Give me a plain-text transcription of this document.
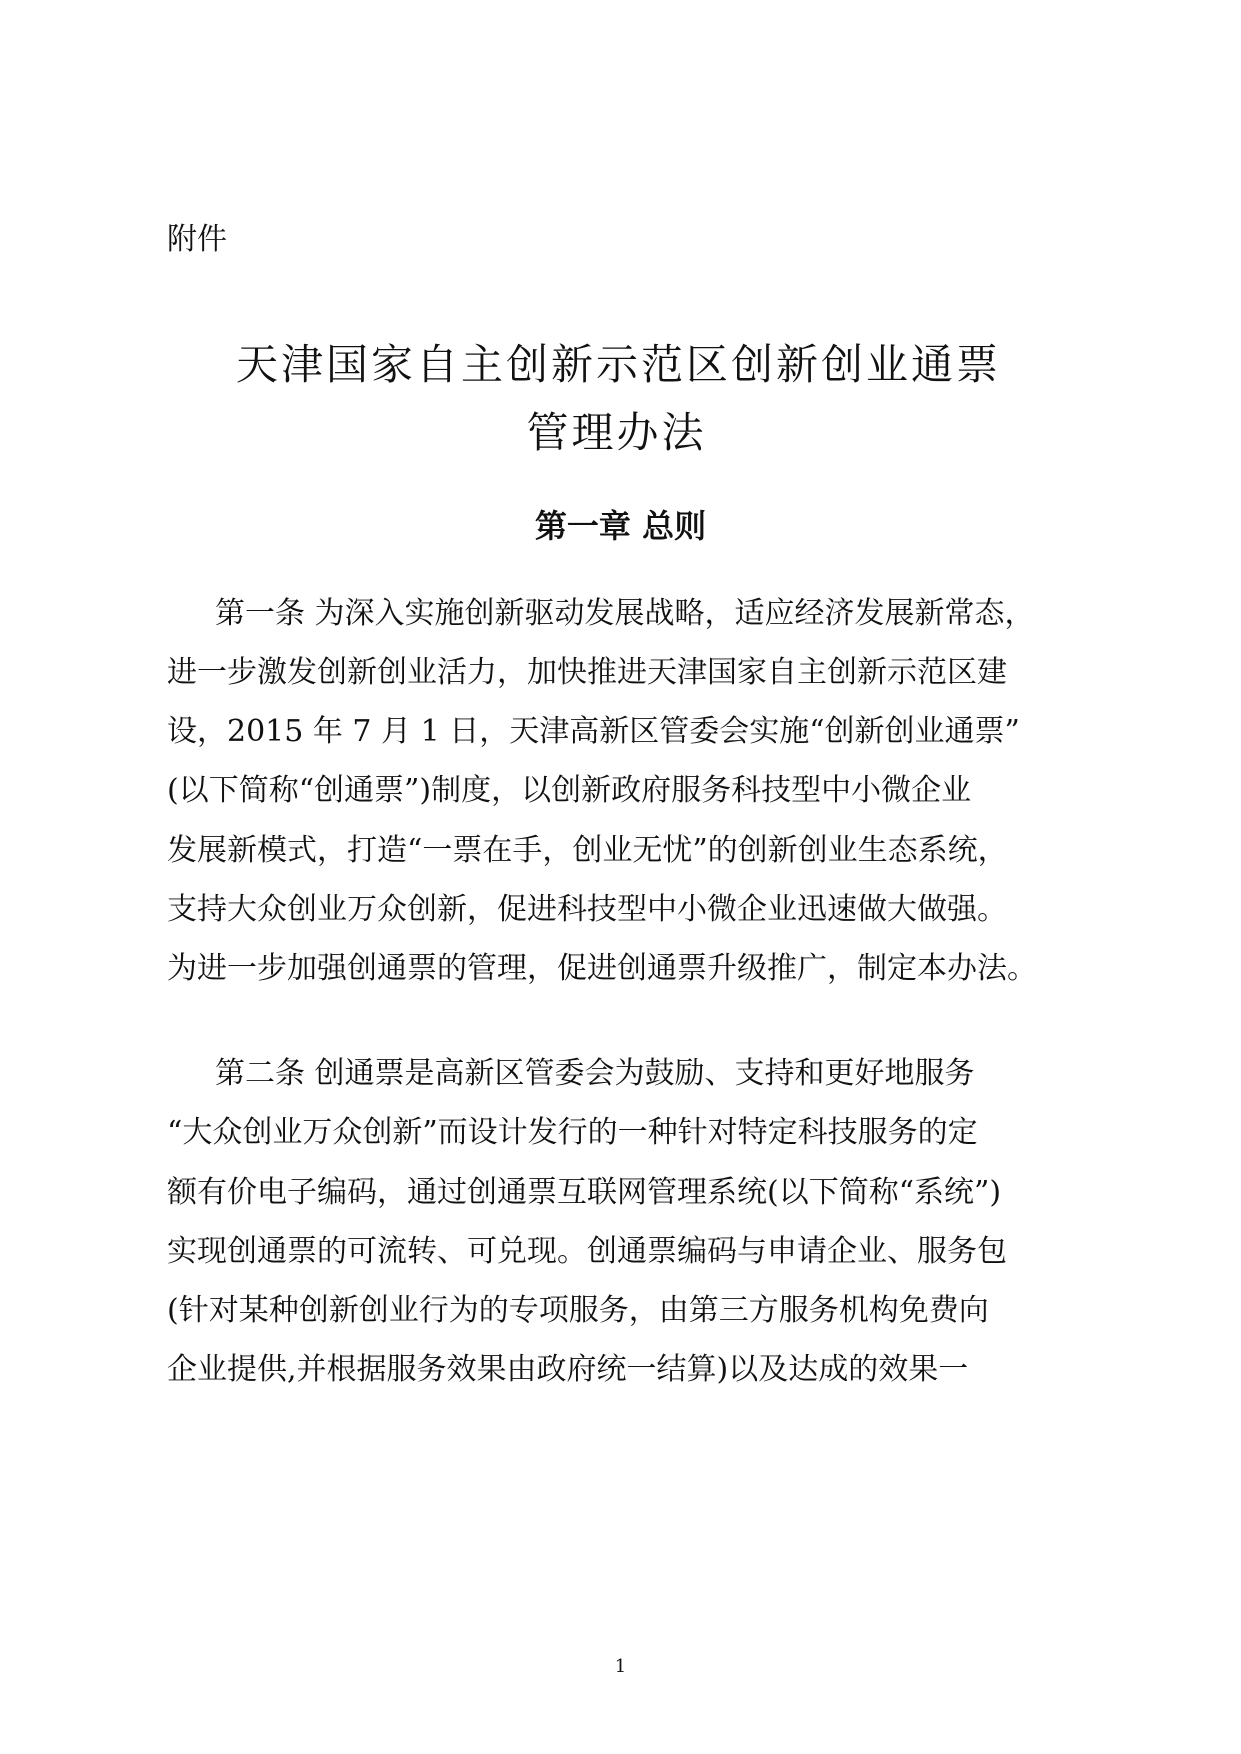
附件

天津国家自主创新示范区创新创业通票
管理办法
第一章 总则

第一条 为深入实施创新驱动发展战略，适应经济发展新常态，

进一步激发创新创业活力，加快推进天津国家自主创新示范区建

设，2015 年 7 月 1 日，天津高新区管委会实施“创新创业通票”

(以下简称“创通票”)制度，以创新政府服务科技型中小微企业

发展新模式，打造“一票在手，创业无忧”的创新创业生态系统，

支持大众创业万众创新，促进科技型中小微企业迅速做大做强。

为进一步加强创通票的管理，促进创通票升级推广，制定本办法。

第二条 创通票是高新区管委会为鼓励、支持和更好地服务

“大众创业万众创新”而设计发行的一种针对特定科技服务的定

额有价电子编码，通过创通票互联网管理系统(以下简称“系统”)

实现创通票的可流转、可兑现。创通票编码与申请企业、服务包

(针对某种创新创业行为的专项服务，由第三方服务机构免费向

企业提供,并根据服务效果由政府统一结算)以及达成的效果一

1
